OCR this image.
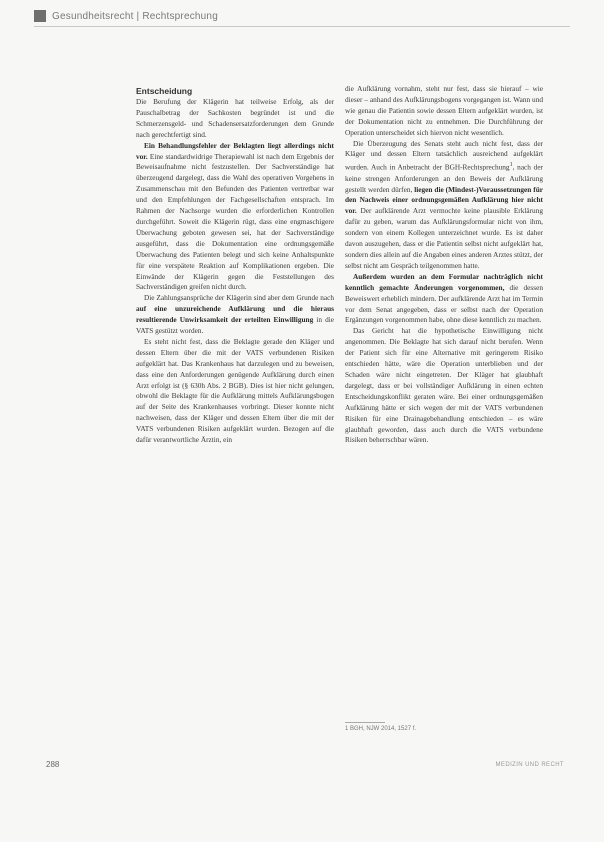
Gesundheitsrecht | Rechtsprechung
Entscheidung

Die Berufung der Klägerin hat teilweise Erfolg, als der Pauschalbetrag der Sachkosten begründet ist und die Schmerzensgeld- und Schadensersatzforderungen dem Grunde nach gerechtfertigt sind.

Ein Behandlungsfehler der Beklagten liegt allerdings nicht vor. Eine standardwidrige Therapiewahl ist nach dem Ergebnis der Beweisaufnahme nicht festzustellen. Der Sachverständige hat überzeugend dargelegt, dass die Wahl des operativen Vorgehens in Zusammenschau mit den Befunden des Patienten vertretbar war und den Empfehlungen der Fachgesellschaften entsprach. Im Rahmen der Nachsorge wurden die erforderlichen Kontrollen durchgeführt. Soweit die Klägerin rügt, dass eine engmaschigere Überwachung geboten gewesen sei, hat der Sachverständige ausgeführt, dass die Dokumentation eine ordnungsgemäße Überwachung des Patienten belegt und sich keine Anhaltspunkte für eine verspätete Reaktion auf Komplikationen ergeben. Die Einwände der Klägerin gegen die Feststellungen des Sachverständigen greifen nicht durch.

Die Zahlungsansprüche der Klägerin sind aber dem Grunde nach auf eine unzureichende Aufklärung und die hieraus resultierende Unwirksamkeit der erteilten Einwilligung in die VATS gestützt worden.

Es steht nicht fest, dass die Beklagte gerade den Kläger und dessen Eltern über die mit der VATS verbundenen Risiken aufgeklärt hat. Das Krankenhaus hat darzulegen und zu beweisen, dass eine den Anforderungen genügende Aufklärung durch einen Arzt erfolgt ist (§ 630h Abs. 2 BGB). Dies ist hier nicht gelungen, obwohl die Beklagte für die Aufklärung mittels Aufklärungsbogen auf der Seite des Krankenhauses vorbringt. Dieser konnte nicht nachweisen, dass der Kläger und dessen Eltern über die mit der VATS verbundenen Risiken aufgeklärt wurden. Bezogen auf die dafür verantwortliche Ärztin, ein

die Aufklärung vornahm, steht nur fest, dass sie hierauf – wie dieser – anhand des Aufklärungsbogens vorgegangen ist. Wann und wie genau die Patientin sowie dessen Eltern aufgeklärt wurden, ist der Dokumentation nicht zu entnehmen. Die Durchführung der Operation unterscheidet sich hiervon nicht wesentlich.

Die Überzeugung des Senats steht auch nicht fest, dass der Kläger und dessen Eltern tatsächlich ausreichend aufgeklärt wurden. Auch in Anbetracht der BGH-Rechtsprechung$^1$, nach der keine strengen Anforderungen an den Beweis der Aufklärung gestellt werden dürfen, liegen die (Mindest-)Voraussetzungen für den Nachweis einer ordnungsgemäßen Aufklärung hier nicht vor. Der aufklärende Arzt vermochte keine plausible Erklärung dafür zu geben, warum das Aufklärungsformular nicht von ihm, sondern von einem Kollegen unterzeichnet wurde. Es ist daher davon auszugehen, dass er die Patientin selbst nicht aufgeklärt hat, sondern dies allein auf die Angaben eines anderen Arztes stützt, der selbst nicht am Gespräch teilgenommen hatte.

Außerdem wurden an dem Formular nachträglich nicht kenntlich gemachte Änderungen vorgenommen, die dessen Beweiswert erheblich mindern. Der aufklärende Arzt hat im Termin vor dem Senat angegeben, dass er selbst nach der Operation Ergänzungen vorgenommen habe, ohne diese kenntlich zu machen.

Das Gericht hat die hypothetische Einwilligung nicht angenommen. Die Beklagte hat sich darauf nicht berufen. Wenn der Patient sich für eine Alternative mit geringerem Risiko entschieden hätte, wäre die Operation unterblieben und der Schaden wäre nicht eingetreten. Der Kläger hat glaubhaft dargelegt, dass er bei vollständiger Aufklärung in einen echten Entscheidungskonflikt geraten wäre. Bei einer ordnungsgemäßen Aufklärung hätte er sich wegen der mit der VATS verbundenen Risiken für eine Drainagebehandlung entschieden – es wäre glaubhaft geworden, dass auch durch die VATS verbundene Risiken beherrschbar wären.

1 BGH, NJW 2014, 1527 f.
288	MEDIZIN UND RECHT
